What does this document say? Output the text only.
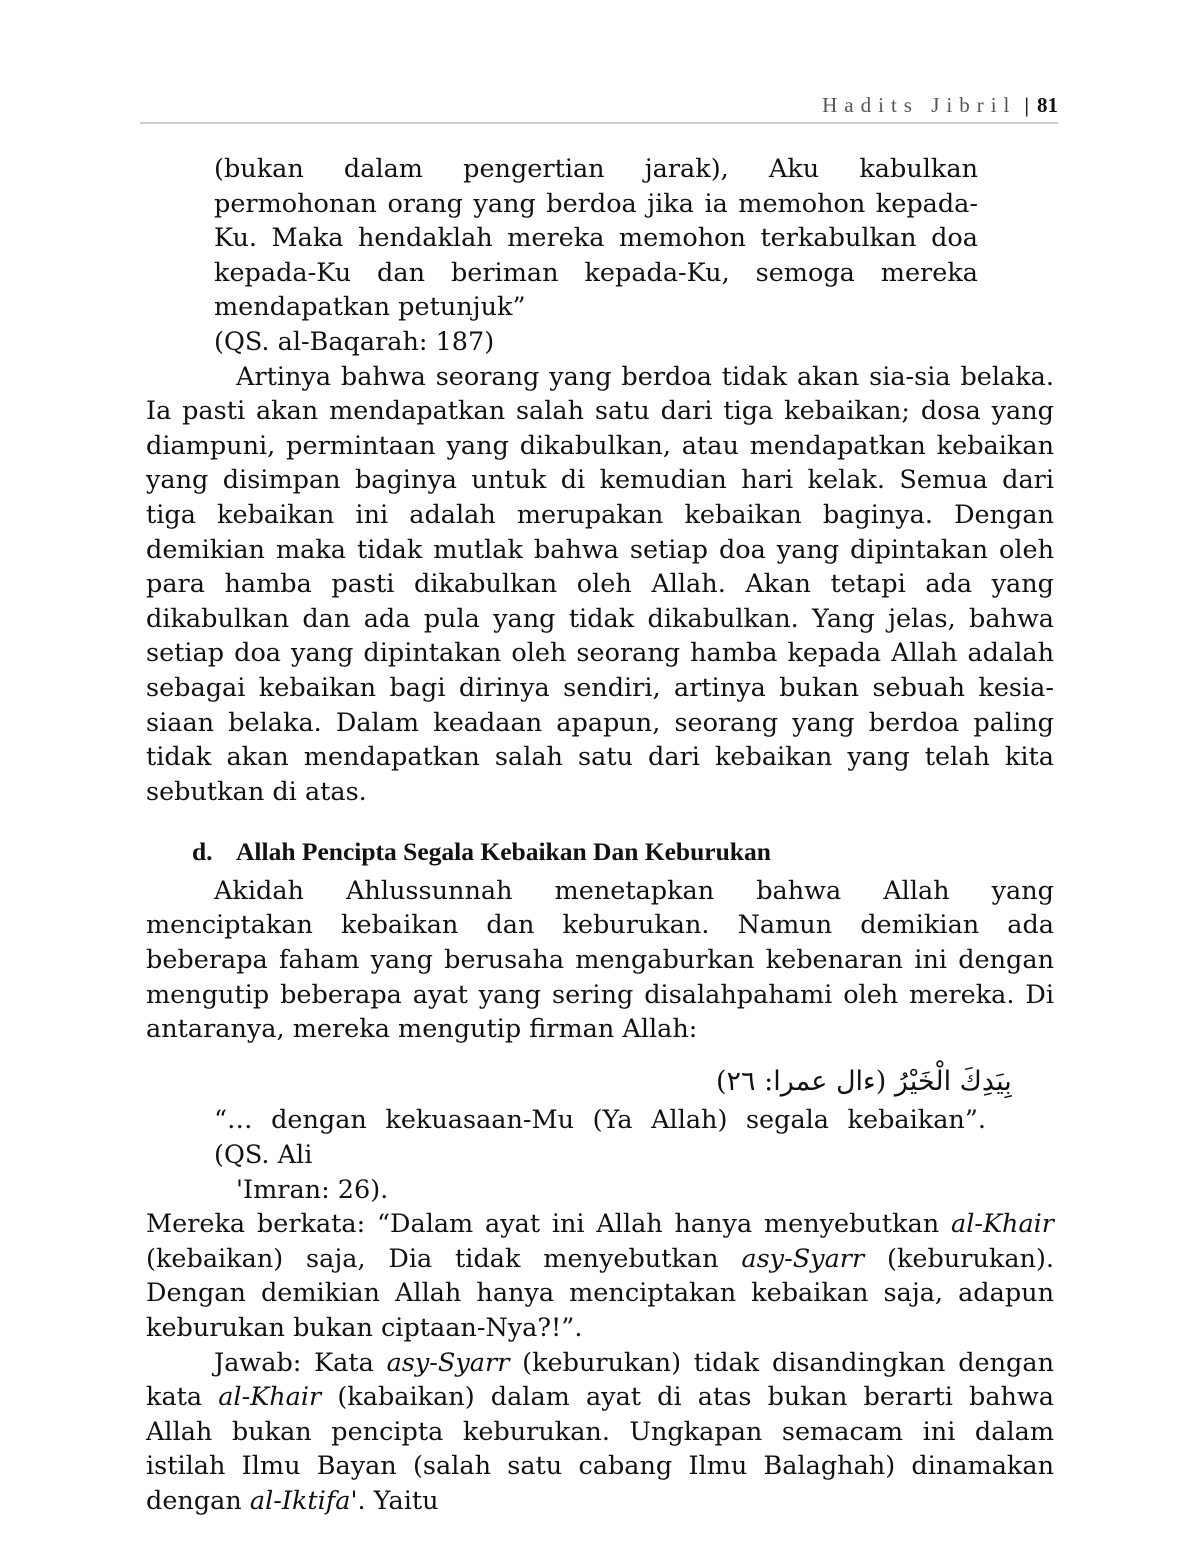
Hadits Jibril | 81

(bukan dalam pengertian jarak), Aku kabulkan permohonan orang yang berdoa jika ia memohon kepada-Ku. Maka hendaklah mereka memohon terkabulkan doa kepada-Ku dan beriman kepada-Ku, semoga mereka mendapatkan petunjuk”

(QS. al-Baqarah: 187)

Artinya bahwa seorang yang berdoa tidak akan sia-sia belaka. Ia pasti akan mendapatkan salah satu dari tiga kebaikan; dosa yang diampuni, permintaan yang dikabulkan, atau mendapatkan kebaikan yang disimpan baginya untuk di kemudian hari kelak. Semua dari tiga kebaikan ini adalah merupakan kebaikan baginya. Dengan demikian maka tidak mutlak bahwa setiap doa yang dipintakan oleh para hamba pasti dikabulkan oleh Allah. Akan tetapi ada yang dikabulkan dan ada pula yang tidak dikabulkan. Yang jelas, bahwa setiap doa yang dipintakan oleh seorang hamba kepada Allah adalah sebagai kebaikan bagi dirinya sendiri, artinya bukan sebuah kesia-siaan belaka. Dalam keadaan apapun, seorang yang berdoa paling tidak akan mendapatkan salah satu dari kebaikan yang telah kita sebutkan di atas.

d. Allah Pencipta Segala Kebaikan Dan Keburukan

Akidah Ahlussunnah menetapkan bahwa Allah yang menciptakan kebaikan dan keburukan. Namun demikian ada beberapa faham yang berusaha mengaburkan kebenaran ini dengan mengutip beberapa ayat yang sering disalahpahami oleh mereka. Di antaranya, mereka mengutip firman Allah:

بِيَدِكَ الْخَيْرُ (ءال عمرا: ٢٦)

“… dengan kekuasaan-Mu (Ya Allah) segala kebaikan”. (QS. Ali

'Imran: 26).

Mereka berkata: “Dalam ayat ini Allah hanya menyebutkan al-Khair (kebaikan) saja, Dia tidak menyebutkan asy-Syarr (keburukan). Dengan demikian Allah hanya menciptakan kebaikan saja, adapun keburukan bukan ciptaan-Nya?!”.

Jawab: Kata asy-Syarr (keburukan) tidak disandingkan dengan kata al-Khair (kabaikan) dalam ayat di atas bukan berarti bahwa Allah bukan pencipta keburukan. Ungkapan semacam ini dalam istilah Ilmu Bayan (salah satu cabang Ilmu Balaghah) dinamakan dengan al-Iktifa'. Yaitu
